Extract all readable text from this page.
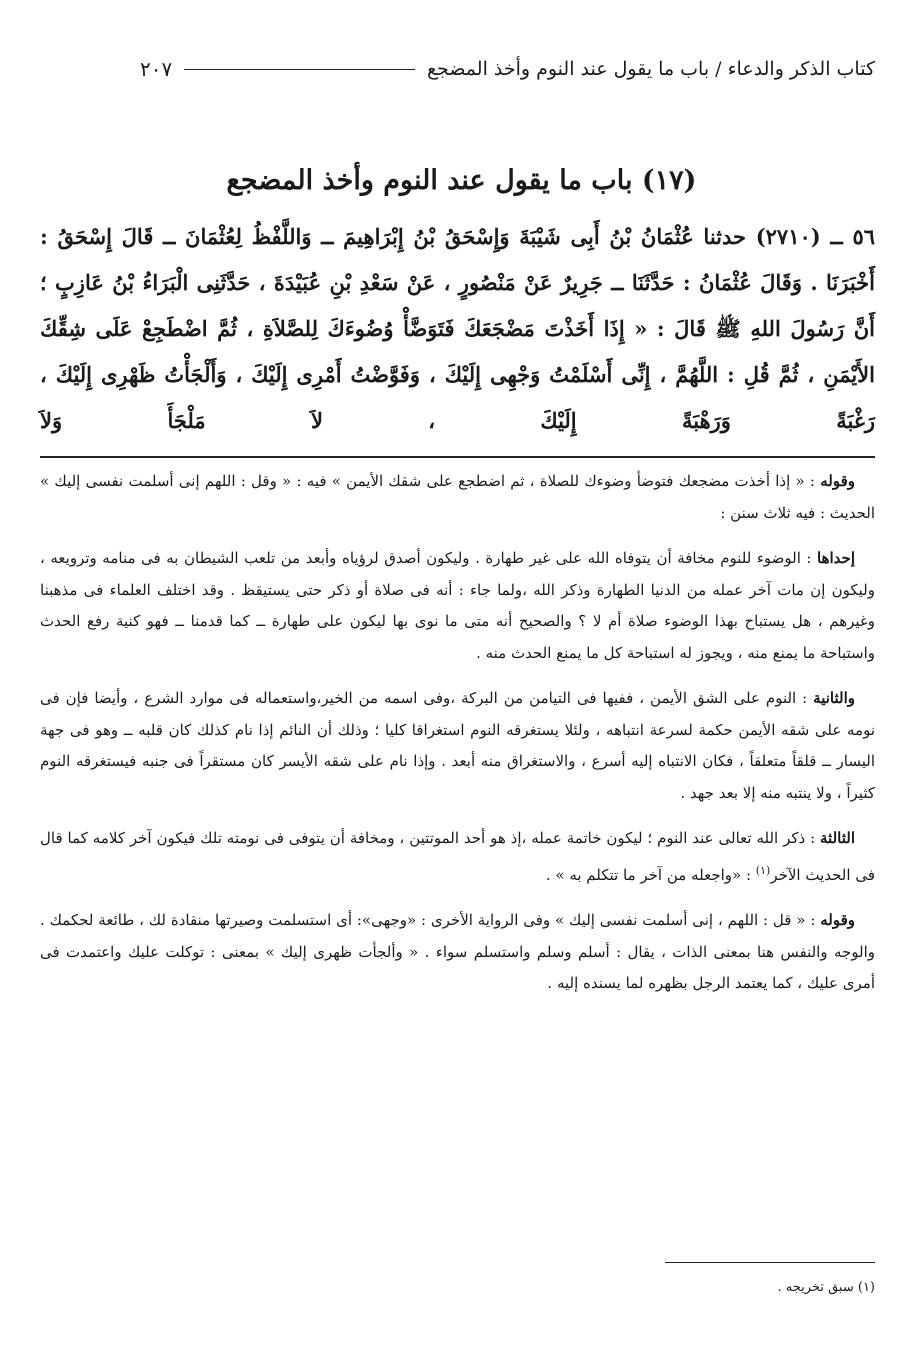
كتاب الذكر والدعاء / باب ما يقول عند النوم وأخذ المضجع
٢٠٧
(١٧) باب ما يقول عند النوم وأخذ المضجع

٥٦ ــ (٢٧١٠) حدثنا عُثْمَانُ بْنُ أَبِى شَيْبَةَ وَإِسْحَقُ بْنُ إِبْرَاهِيمَ ــ وَاللَّفْظُ لِعُثْمَانَ ــ قَالَ إِسْحَقُ : أَخْبَرَنَا . وَقَالَ عُثْمَانُ : حَدَّثَنَا ــ جَرِيرٌ عَنْ مَنْصُورٍ ، عَنْ سَعْدِ بْنِ عُبَيْدَةَ ، حَدَّثَنِى الْبَرَاءُ بْنُ عَازِبٍ ؛ أَنَّ رَسُولَ اللهِ ﷺ قَالَ : « إِذَا أَخَذْتَ مَضْجَعَكَ فَتَوَضَّأْ وُضُوءَكَ لِلصَّلاَةِ ، ثُمَّ اضْطَجِعْ عَلَى شِقِّكَ الأَيْمَنِ ، ثُمَّ قُلِ : اللَّهُمَّ ، إِنِّى أَسْلَمْتُ وَجْهِى إِلَيْكَ ، وَفَوَّضْتُ أَمْرِى إِلَيْكَ ، وَأَلْجَأْتُ ظَهْرِى إِلَيْكَ ، رَغْبَةً وَرَهْبَةً إِلَيْكَ ، لاَ مَلْجَأَ وَلاَ

وقوله : « إذا أخذت مضجعك فتوضأ وضوءك للصلاة ، ثم اضطجع على شقك الأيمن » فيه : « وقل : اللهم إنى أسلمت نفسى إليك » الحديث : فيه ثلاث سنن :

إحداها : الوضوء للنوم مخافة أن يتوفاه الله على غير طهارة . وليكون أصدق لرؤياه وأبعد من تلعب الشيطان به فى منامه وترويعه ، وليكون إن مات آخر عمله من الدنيا الطهارة وذكر الله ،ولما جاء : أنه فى صلاة أو ذكر حتى يستيقظ . وقد اختلف العلماء فى مذهبنا وغيرهم ، هل يستباح بهذا الوضوء صلاة أم لا ؟ والصحيح أنه متى ما نوى بها ليكون على طهارة ــ كما قدمنا ــ فهو كنية رفع الحدث واستباحة ما يمنع منه ، ويجوز له استباحة كل ما يمنع الحدث منه .

والثانية : النوم على الشق الأيمن ، ففيها فى التيامن من البركة ،وفى اسمه من الخير،واستعماله فى موارد الشرع ، وأيضا فإن فى نومه على شقه الأيمن حكمة لسرعة انتباهه ، ولئلا يستغرقه النوم استغراقا كليا ؛ وذلك أن النائم إذا نام كذلك كان قلبه ــ وهو فى جهة اليسار ــ قلقاً متعلقاً ، فكان الانتباه إليه أسرع ، والاستغراق منه أبعد . وإذا نام على شقه الأيسر كان مستقراً فى جنبه فيستغرقه النوم كثيراً ، ولا ينتبه منه إلا بعد جهد .

الثالثة : ذكر الله تعالى عند النوم ؛ ليكون خاتمة عمله ،إذ هو أحد الموتتين ، ومخافة أن يتوفى فى نومته تلك فيكون آخر كلامه كما قال فى الحديث الآخر$^{(١)}$ : «واجعله من آخر ما تتكلم به » .

وقوله : « قل : اللهم ، إنى أسلمت نفسى إليك » وفى الرواية الأخرى : «وجهى»: أى استسلمت وصيرتها منقادة لك ، طائعة لحكمك . والوجه والنفس هنا بمعنى الذات ، يقال : أسلم وسلم واستسلم سواء . « وألجأت ظهرى إليك » بمعنى : توكلت عليك واعتمدت فى أمرى عليك ، كما يعتمد الرجل بظهره لما يسنده إليه .

(١) سبق تخريجه .
